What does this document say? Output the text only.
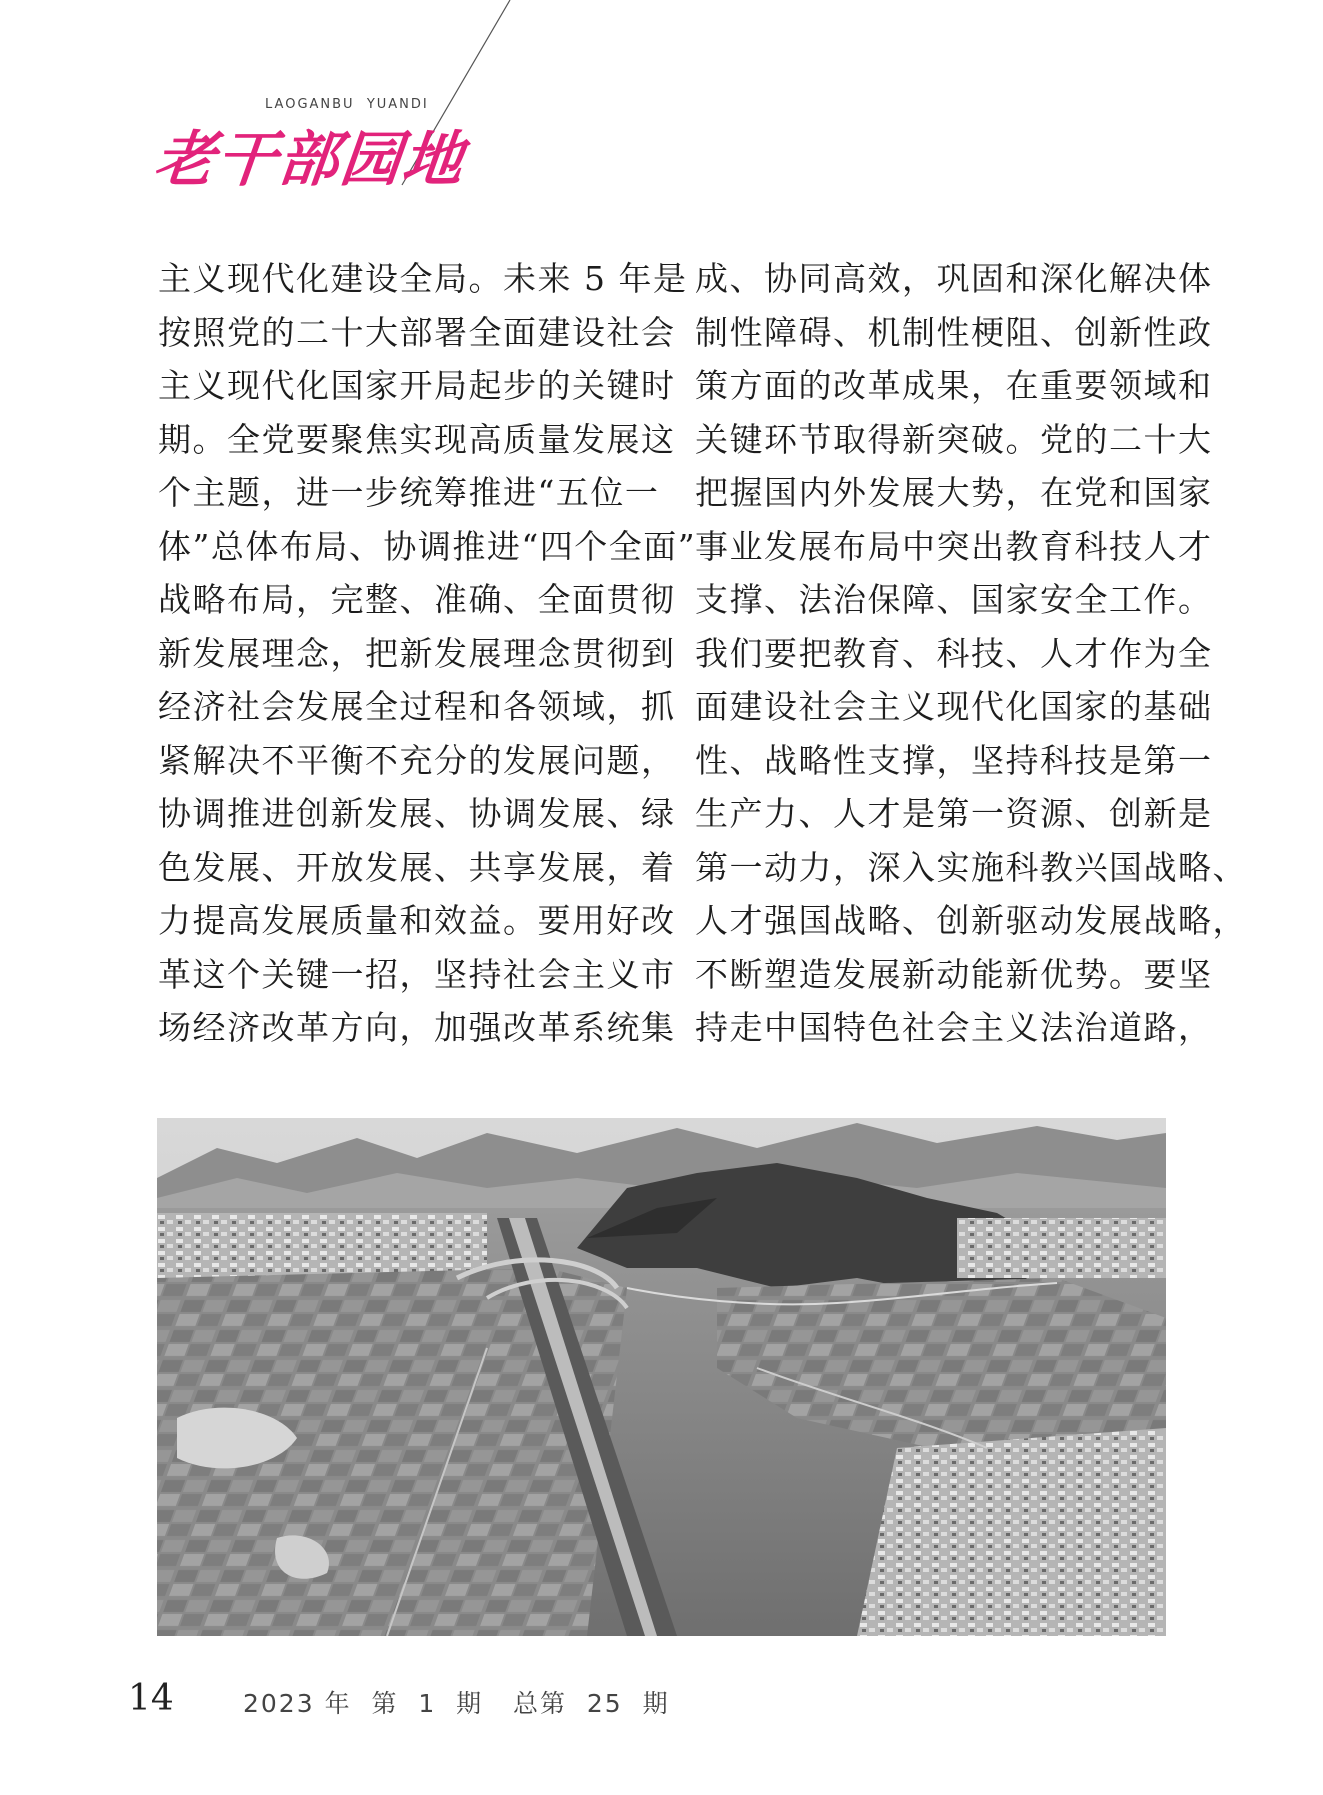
LAOGANBU  YUANDI
老干部园地
主义现代化建设全局。未来 5 年是
按照党的二十大部署全面建设社会
主义现代化国家开局起步的关键时
期。全党要聚焦实现高质量发展这
个主题，进一步统筹推进“五位一
体”总体布局、协调推进“四个全面”
战略布局，完整、准确、全面贯彻
新发展理念，把新发展理念贯彻到
经济社会发展全过程和各领域，抓
紧解决不平衡不充分的发展问题，
协调推进创新发展、协调发展、绿
色发展、开放发展、共享发展，着
力提高发展质量和效益。要用好改
革这个关键一招，坚持社会主义市
场经济改革方向，加强改革系统集
成、协同高效，巩固和深化解决体
制性障碍、机制性梗阻、创新性政
策方面的改革成果，在重要领域和
关键环节取得新突破。党的二十大
把握国内外发展大势，在党和国家
事业发展布局中突出教育科技人才
支撑、法治保障、国家安全工作。
我们要把教育、科技、人才作为全
面建设社会主义现代化国家的基础
性、战略性支撑，坚持科技是第一
生产力、人才是第一资源、创新是
第一动力，深入实施科教兴国战略、
人才强国战略、创新驱动发展战略，
不断塑造发展新动能新优势。要坚
持走中国特色社会主义法治道路，
14	2023 年  第  1  期   总第  25  期
